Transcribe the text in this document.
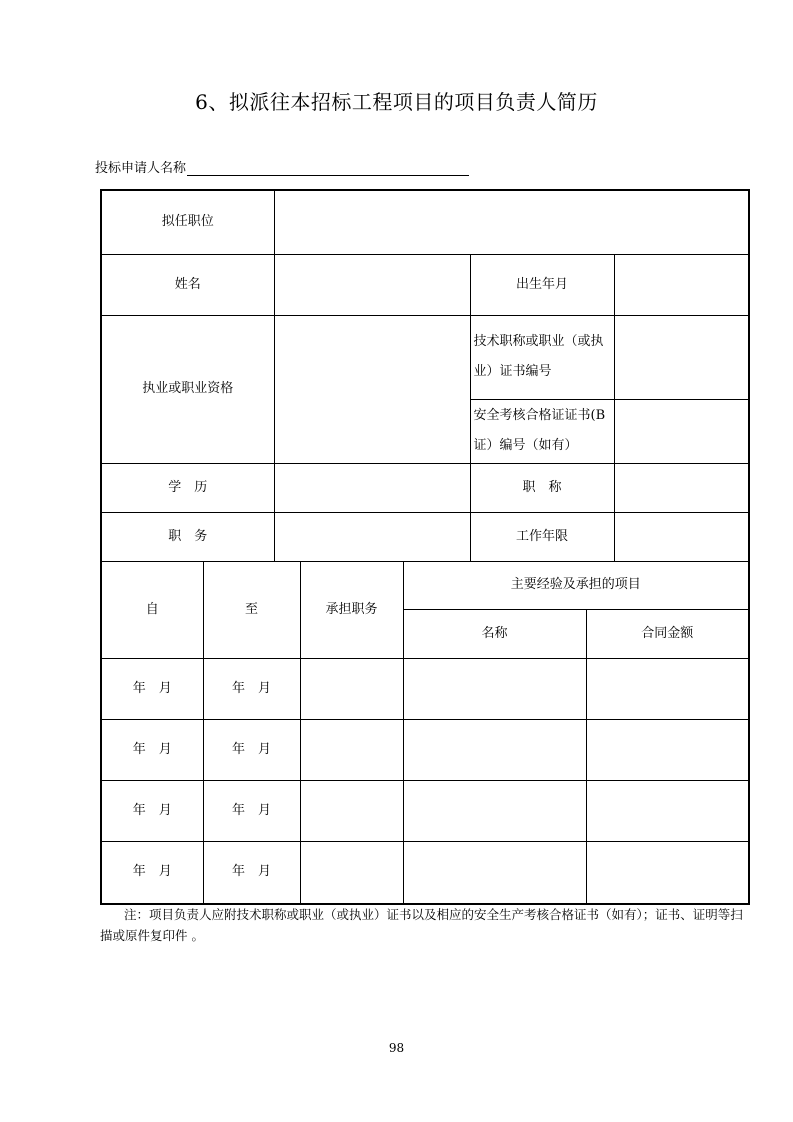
6、拟派往本招标工程项目的项目负责人简历
投标申请人名称
拟任职位							
姓名					出生年月		
执业或职业资格					技术职称或职业（或执业）证书编号		
					安全考核合格证证书(B证）编号（如有）		
学　历					职　称		
职　务					工作年限		
自	至		承担职务	主要经验及承担的项目			
				名称		合同金额	
年　月	年　月						
年　月	年　月						
年　月	年　月						
年　月	年　月						
注：项目负责人应附技术职称或职业（或执业）证书以及相应的安全生产考核合格证书（如有）；证书、证明等扫描或原件复印件 。
98
